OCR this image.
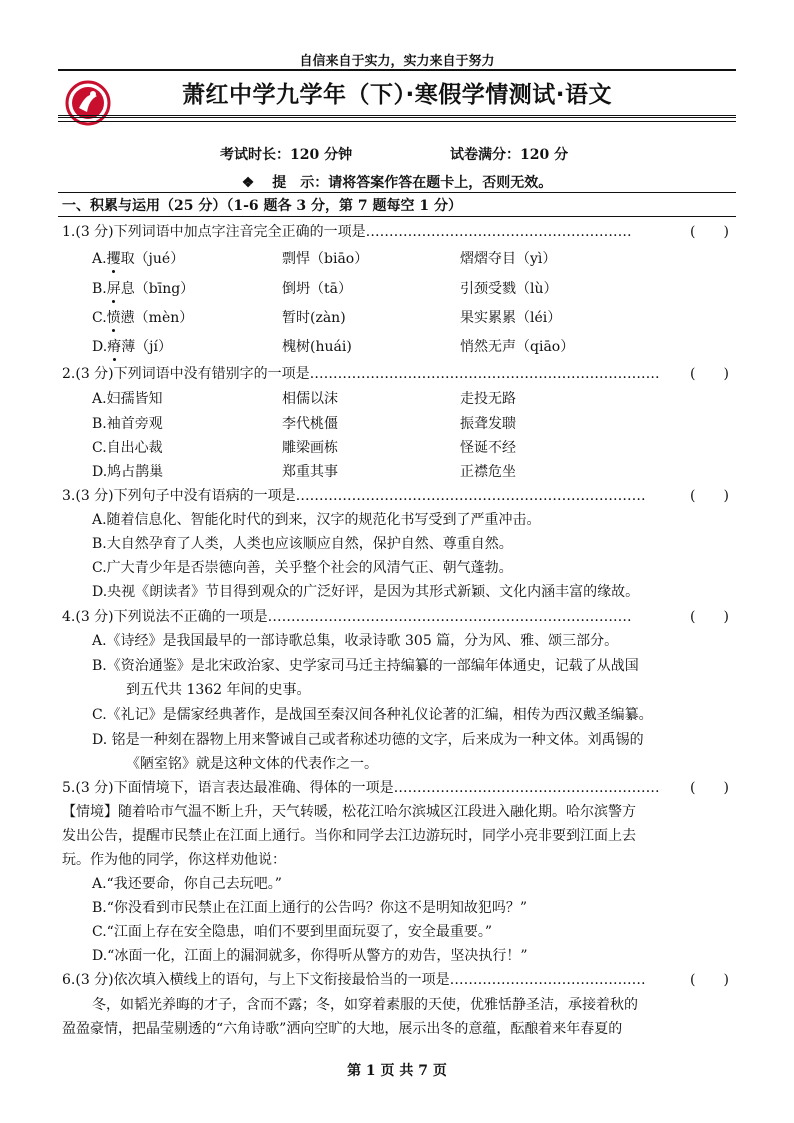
自信来自于实力，实力来自于努力
萧红中学九学年（下）·寒假学情测试·语文
考试时长：120 分钟	试卷满分：120 分
❖ 提　示：请将答案作答在题卡上，否则无效。
一、积累与运用（25 分）（1-6 题各 3 分，第 7 题每空 1 分）
1.(3 分)下列词语中加点字注音完全正确的一项是…………………………………………………	(　　)
A.攫取（jué）	剽悍（biāo）	熠熠夺目（yì）
B.屏息（bīng）	倒坍（tā）	引颈受戮（lù）
C.愤懑（mèn）	暂时(zàn)	果实累累（léi）
D.瘠薄（jí）	槐树(huái)	悄然无声（qiāo）
2.(3 分)下列词语中没有错别字的一项是………………………………………………………………… (　　)
A.妇孺皆知	相儒以沫	走投无路
B.袖首旁观	李代桃僵	振聋发聩
C.自出心裁	雕梁画栋	怪诞不经
D.鸠占鹊巢	郑重其事	正襟危坐
3.(3 分)下列句子中没有语病的一项是…………………………………………………………………	(　　)
A.随着信息化、智能化时代的到来，汉字的规范化书写受到了严重冲击。
B.大自然孕育了人类，人类也应该顺应自然，保护自然、尊重自然。
C.广大青少年是否崇德向善，关乎整个社会的风清气正、朝气蓬勃。
D.央视《朗读者》节目得到观众的广泛好评，是因为其形式新颖、文化内涵丰富的缘故。
4.(3 分)下列说法不正确的一项是……………………………………………………………………	(　　)
A.《诗经》是我国最早的一部诗歌总集，收录诗歌 305 篇，分为风、雅、颂三部分。
B.《资治通鉴》是北宋政治家、史学家司马迁主持编纂的一部编年体通史，记载了从战国
到五代共 1362 年间的史事。
C.《礼记》是儒家经典著作，是战国至秦汉间各种礼仪论著的汇编，相传为西汉戴圣编纂。
D. 铭是一种刻在器物上用来警诫自己或者称述功德的文字，后来成为一种文体。刘禹锡的
《陋室铭》就是这种文体的代表作之一。
5.(3 分)下面情境下，语言表达最准确、得体的一项是………………………………………………… (　　)
【情境】随着哈市气温不断上升，天气转暖，松花江哈尔滨城区江段进入融化期。哈尔滨警方
发出公告，提醒市民禁止在江面上通行。当你和同学去江边游玩时，同学小亮非要到江面上去
玩。作为他的同学，你这样劝他说：
A.“我还要命，你自己去玩吧。”
B.“你没看到市民禁止在江面上通行的公告吗？你这不是明知故犯吗？”
C.“江面上存在安全隐患，咱们不要到里面玩耍了，安全最重要。”
D.“冰面一化，江面上的漏洞就多，你得听从警方的劝告，坚决执行！”
6.(3 分)依次填入横线上的语句，与上下文衔接最恰当的一项是……………………………………	(　　)
冬，如韬光养晦的才子，含而不露；冬，如穿着素服的天使，优雅恬静圣洁，承接着秋的
盈盈豪情，把晶莹剔透的“六角诗歌”洒向空旷的大地，展示出冬的意蕴，酝酿着来年春夏的
第 1 页 共 7 页
